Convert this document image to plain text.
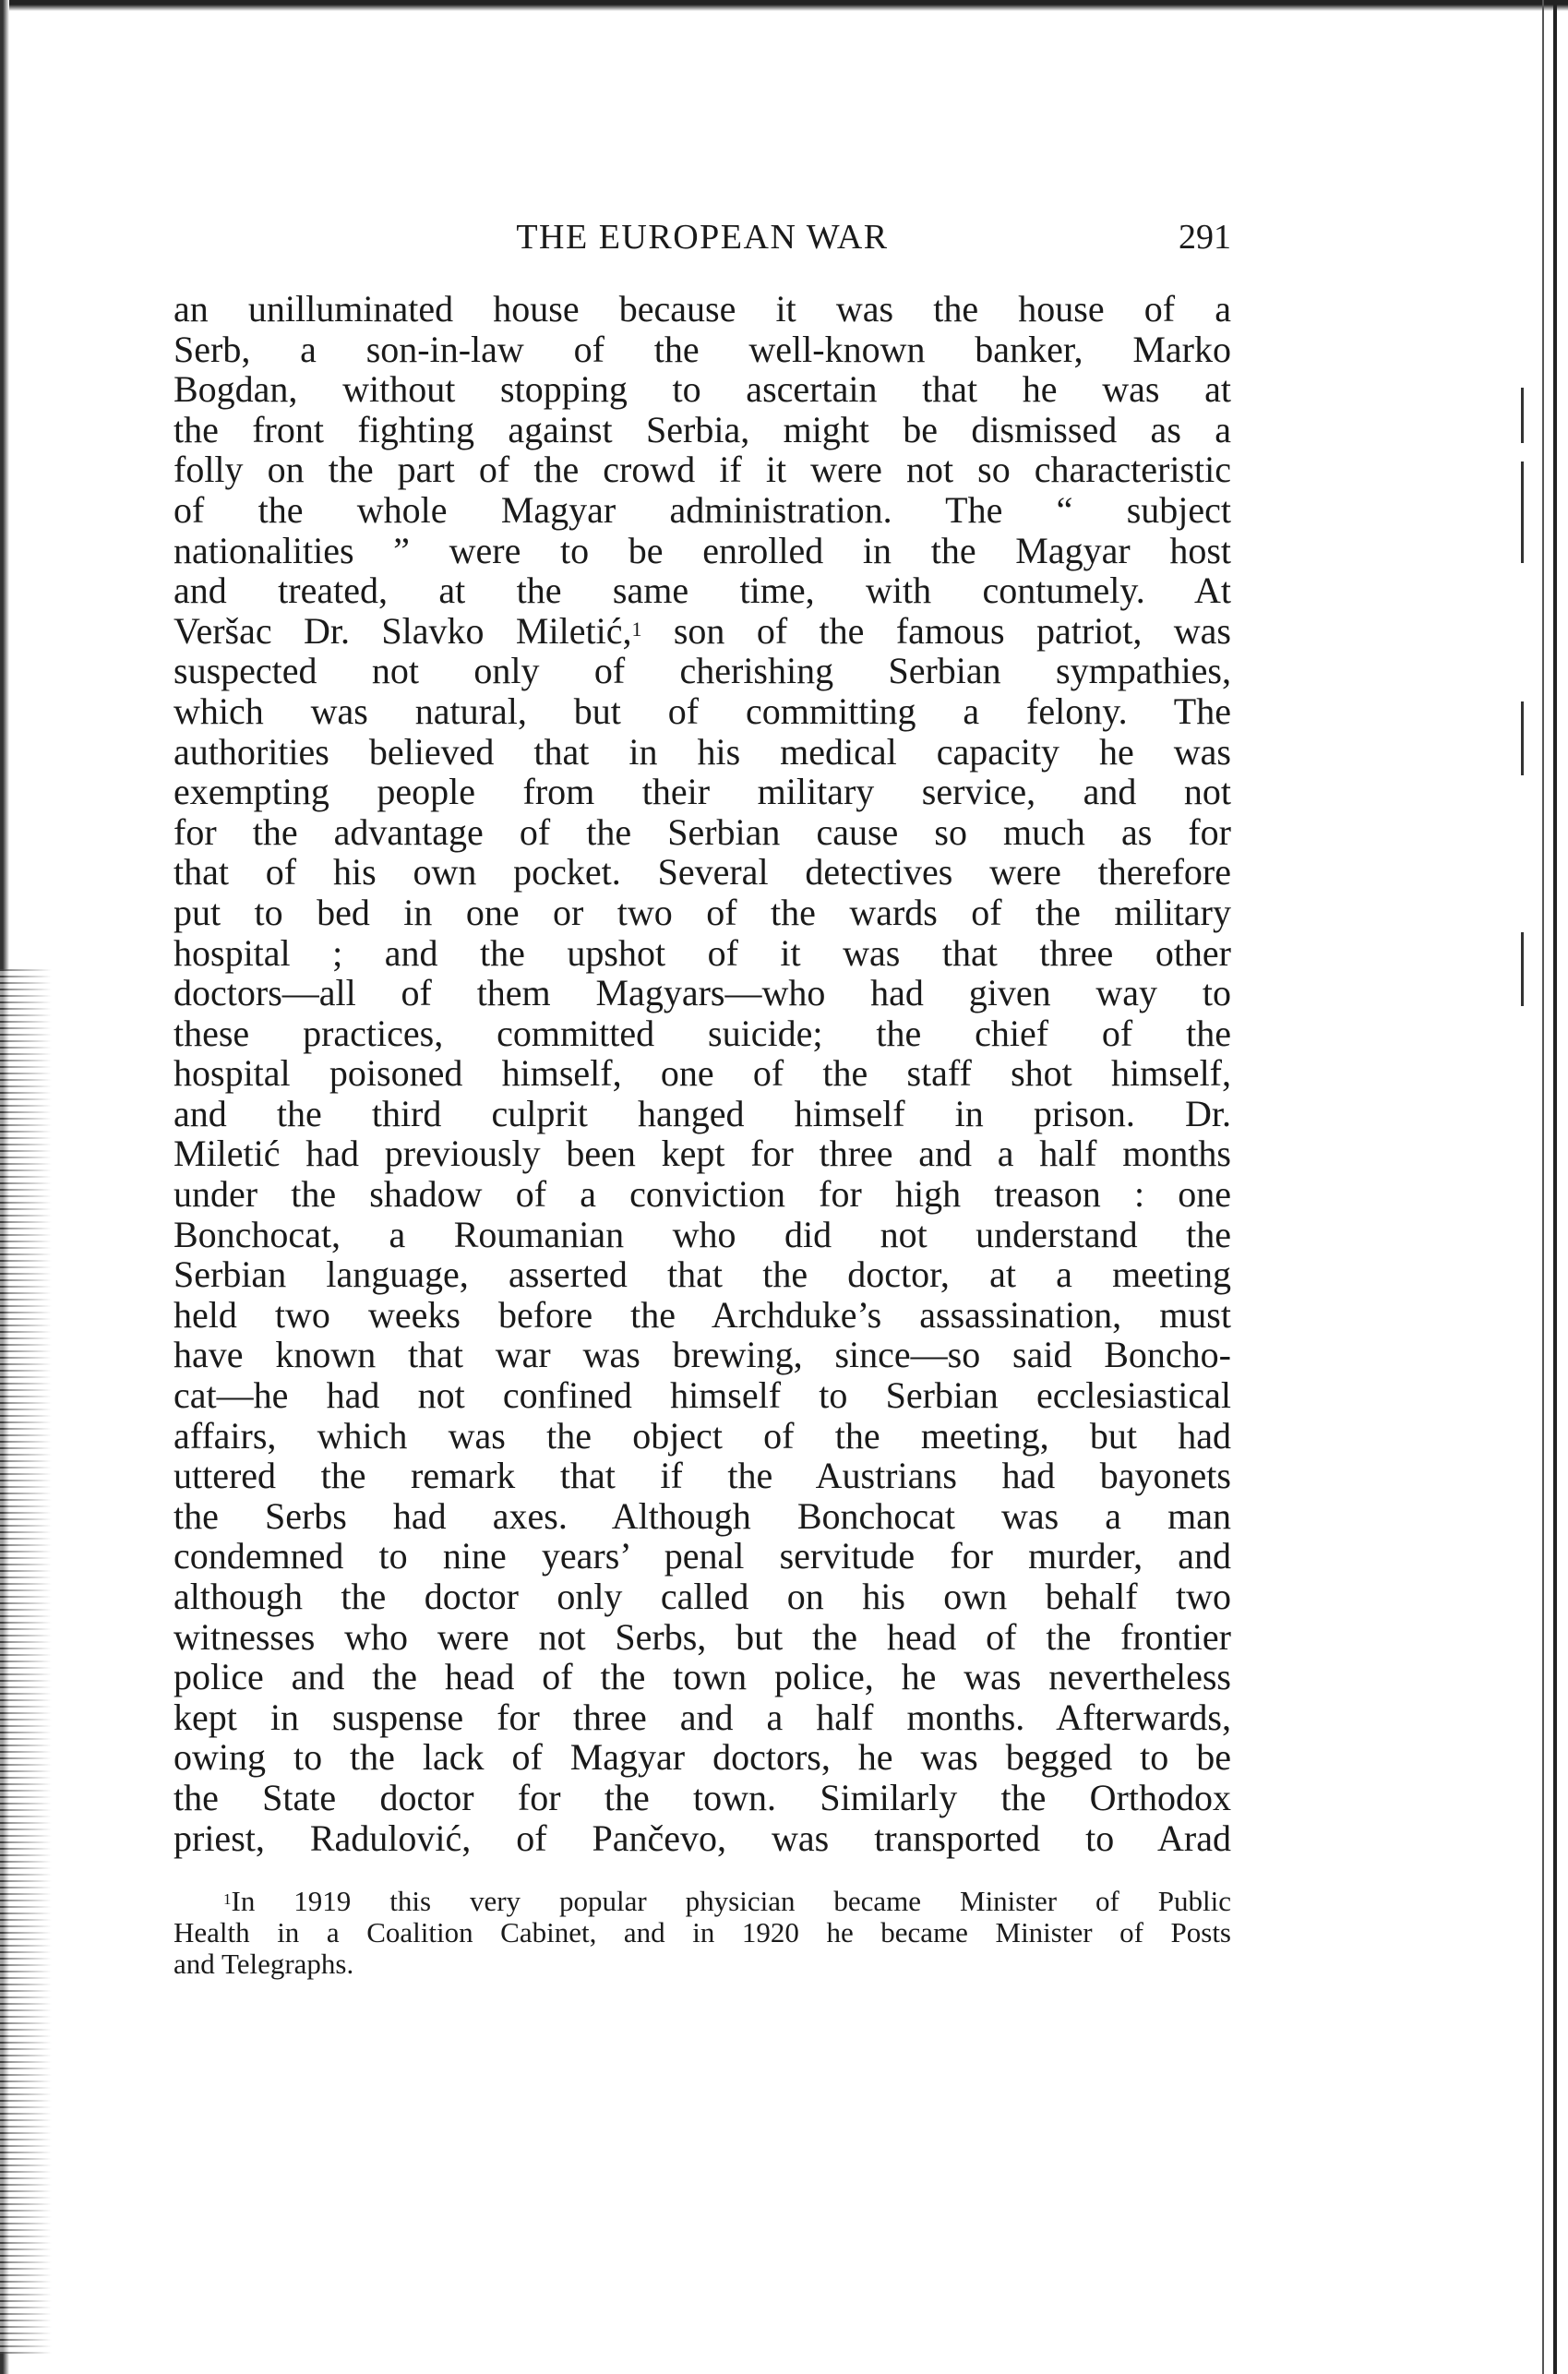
THE EUROPEAN WAR	291
an unilluminated house because it was the house of a
Serb, a son-in-law of the well-known banker, Marko
Bogdan, without stopping to ascertain that he was at
the front fighting against Serbia, might be dismissed as a
folly on the part of the crowd if it were not so characteristic
of the whole Magyar administration. The “ subject
nationalities ” were to be enrolled in the Magyar host
and treated, at the same time, with contumely. At
Veršac Dr. Slavko Miletić,$^1$ son of the famous patriot, was
suspected not only of cherishing Serbian sympathies,
which was natural, but of committing a felony. The
authorities believed that in his medical capacity he was
exempting people from their military service, and not
for the advantage of the Serbian cause so much as for
that of his own pocket. Several detectives were therefore
put to bed in one or two of the wards of the military
hospital ; and the upshot of it was that three other
doctors—all of them Magyars—who had given way to
these practices, committed suicide; the chief of the
hospital poisoned himself, one of the staff shot himself,
and the third culprit hanged himself in prison. Dr.
Miletić had previously been kept for three and a half months
under the shadow of a conviction for high treason : one
Bonchocat, a Roumanian who did not understand the
Serbian language, asserted that the doctor, at a meeting
held two weeks before the Archduke’s assassination, must
have known that war was brewing, since—so said Boncho-
cat—he had not confined himself to Serbian ecclesiastical
affairs, which was the object of the meeting, but had
uttered the remark that if the Austrians had bayonets
the Serbs had axes. Although Bonchocat was a man
condemned to nine years’ penal servitude for murder, and
although the doctor only called on his own behalf two
witnesses who were not Serbs, but the head of the frontier
police and the head of the town police, he was nevertheless
kept in suspense for three and a half months. Afterwards,
owing to the lack of Magyar doctors, he was begged to be
the State doctor for the town. Similarly the Orthodox
priest, Radulović, of Pančevo, was transported to Arad
$^1$In 1919 this very popular physician became Minister of Public
Health in a Coalition Cabinet, and in 1920 he became Minister of Posts
and Telegraphs.
